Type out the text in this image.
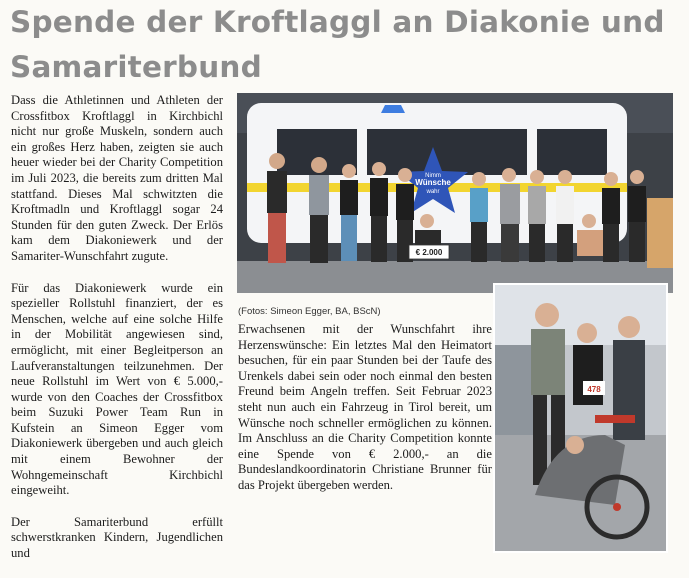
Spende der Kroftlaggl an Diakonie und
Samariterbund

Dass die Athletinnen und Athleten der Crossfitbox Kroftlaggl in Kirchbichl nicht nur große Muskeln, sondern auch ein großes Herz haben, zeigten sie auch heuer wieder bei der Charity Competition im Juli 2023, die bereits zum dritten Mal stattfand. Dieses Mal schwitzten die Kroftmadln und Kroftlaggl sogar 24 Stunden für den guten Zweck. Der Erlös kam dem Diakoniewerk und der Samariter-Wunschfahrt zugute.

Für das Diakoniewerk wurde ein spezieller Rollstuhl finanziert, der es Menschen, welche auf eine solche Hilfe in der Mobilität angewiesen sind, ermöglicht, mit einer Begleitperson an Laufveranstaltungen teilzunehmen. Der neue Rollstuhl im Wert von € 5.000,- wurde von den Coaches der Crossfitbox beim Suzuki Power Team Run in Kufstein an Simeon Egger vom Diakoniewerk übergeben und auch gleich mit einem Bewohner der Wohngemeinschaft Kirchbichl eingeweiht.

Der Samariterbund erfüllt schwerstkranken Kindern, Jugendlichen und

Nimm
Wünsche
wahr
€ 2.000
(Fotos: Simeon Egger, BA, BScN)

Erwachsenen mit der Wunschfahrt ihre Herzenswünsche: Ein letztes Mal den Heimatort besuchen, für ein paar Stunden bei der Taufe des Urenkels dabei sein oder noch einmal den besten Freund beim Angeln treffen. Seit Februar 2023 steht nun auch ein Fahrzeug in Tirol bereit, um Wünsche noch schneller ermöglichen zu können. Im Anschluss an die Charity Competition konnte eine Spende von € 2.000,- an die Bundeslandkoordinatorin Christiane Brunner für das Projekt übergeben werden.

478
